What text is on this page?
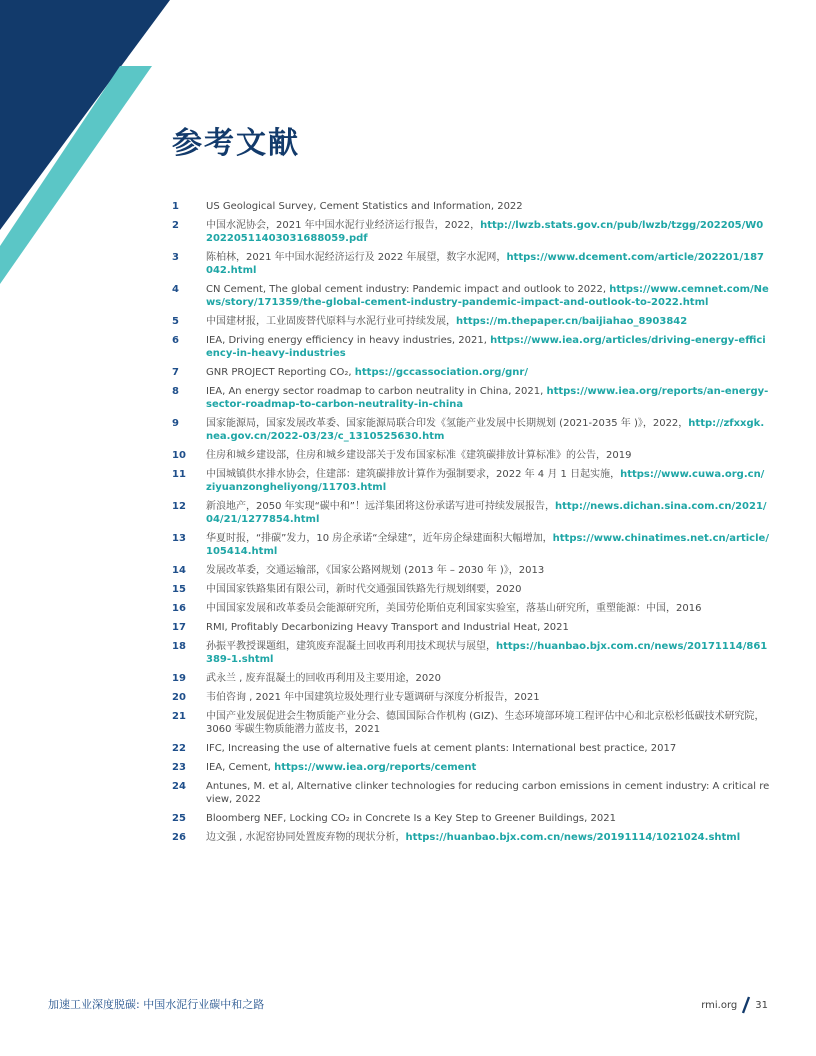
参考文献
1	US Geological Survey, Cement Statistics and Information, 2022
2	中国水泥协会，2021 年中国水泥行业经济运行报告，2022，http://lwzb.stats.gov.cn/pub/lwzb/tzgg/202205/W020220511403031688059.pdf
3	陈柏林，2021 年中国水泥经济运行及 2022 年展望，数字水泥网，https://www.dcement.com/article/202201/187042.html
4	CN Cement, The global cement industry: Pandemic impact and outlook to 2022, https://www.cemnet.com/News/story/171359/the-global-cement-industry-pandemic-impact-and-outlook-to-2022.html
5	中国建材报，工业固废替代原料与水泥行业可持续发展，https://m.thepaper.cn/baijiahao_8903842
6	IEA, Driving energy efficiency in heavy industries, 2021, https://www.iea.org/articles/driving-energy-efficiency-in-heavy-industries
7	GNR PROJECT Reporting CO₂, https://gccassociation.org/gnr/
8	IEA, An energy sector roadmap to carbon neutrality in China, 2021, https://www.iea.org/reports/an-energy-sector-roadmap-to-carbon-neutrality-in-china
9	国家能源局，国家发展改革委、国家能源局联合印发《氢能产业发展中长期规划 (2021-2035 年 )》，2022，http://zfxxgk.nea.gov.cn/2022-03/23/c_1310525630.htm
10	住房和城乡建设部，住房和城乡建设部关于发布国家标准《建筑碳排放计算标准》的公告，2019
11	中国城镇供水排水协会，住建部：建筑碳排放计算作为强制要求，2022 年 4 月 1 日起实施，https://www.cuwa.org.cn/ziyuanzongheliyong/11703.html
12	新浪地产，2050 年实现“碳中和”！远洋集团将这份承诺写进可持续发展报告，http://news.dichan.sina.com.cn/2021/04/21/1277854.html
13	华夏时报，“排碳”发力，10 房企承诺“全绿建”，近年房企绿建面积大幅增加，https://www.chinatimes.net.cn/article/105414.html
14	发展改革委，交通运输部，《国家公路网规划 (2013 年 – 2030 年 )》，2013
15	中国国家铁路集团有限公司，新时代交通强国铁路先行规划纲要，2020
16	中国国家发展和改革委员会能源研究所，美国劳伦斯伯克利国家实验室，落基山研究所，重塑能源：中国，2016
17	RMI, Profitably Decarbonizing Heavy Transport and Industrial Heat, 2021
18	孙振平教授课题组，建筑废弃混凝土回收再利用技术现状与展望，https://huanbao.bjx.com.cn/news/20171114/861389-1.shtml
19	武永兰 , 废弃混凝土的回收再利用及主要用途，2020
20	韦伯咨询 , 2021 年中国建筑垃圾处理行业专题调研与深度分析报告，2021
21	中国产业发展促进会生物质能产业分会、德国国际合作机构 (GIZ)、生态环境部环境工程评估中心和北京松杉低碳技术研究院，3060 零碳生物质能潜力蓝皮书，2021
22	IFC, Increasing the use of alternative fuels at cement plants: International best practice, 2017
23	IEA, Cement, https://www.iea.org/reports/cement
24	Antunes, M. et al, Alternative clinker technologies for reducing carbon emissions in cement industry: A critical review, 2022
25	Bloomberg NEF, Locking CO₂ in Concrete Is a Key Step to Greener Buildings, 2021
26	边文强 , 水泥窑协同处置废弃物的现状分析，https://huanbao.bjx.com.cn/news/20191114/1021024.shtml
加速工业深度脱碳: 中国水泥行业碳中和之路	rmi.org 31
